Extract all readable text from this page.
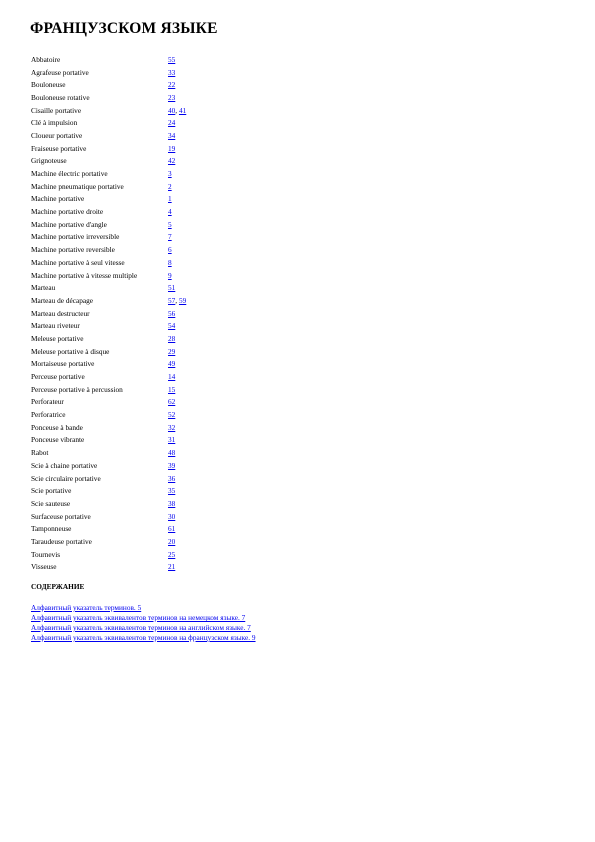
ФРАНЦУЗСКОМ ЯЗЫКЕ
Abbatoire	55
Agrafeuse portative	33
Bouloneuse	22
Bouloneuse rotative	23
Cisaille portative	40, 41
Clé à impulsion	24
Cloueur portative	34
Fraiseuse portative	19
Grignoteuse	42
Machine électric portative	3
Machine pneumatique portative	2
Machine portative	1
Machine portative droite	4
Machine portative d'angle	5
Machine portative irreversible	7
Machine portative reversible	6
Machine portative à seul vitesse	8
Machine portative à vitesse multiple	9
Marteau	51
Marteau de décapage	57, 59
Marteau destructeur	56
Marteau riveteur	54
Meleuse portative	28
Meleuse portative à disque	29
Mortaiseuse portative	49
Perceuse portative	14
Perceuse portative à percussion	15
Perforateur	62
Perforatrice	52
Ponceuse à bande	32
Ponceuse vibrante	31
Rabot	48
Scie à chaine portative	39
Scie circulaire portative	36
Scie portative	35
Scie sauteuse	38
Surfaceuse portative	30
Tamponneuse	61
Taraudeuse portative	20
Tournevis	25
Visseuse	21
СОДЕРЖАНИЕ
Алфавитный указатель терминов. 5
Алфавитный указатель эквивалентов терминов на немецком языке. 7
Алфавитный указатель эквивалентов терминов на английском языке. 7
Алфавитный указатель эквивалентов терминов на французском языке. 9
